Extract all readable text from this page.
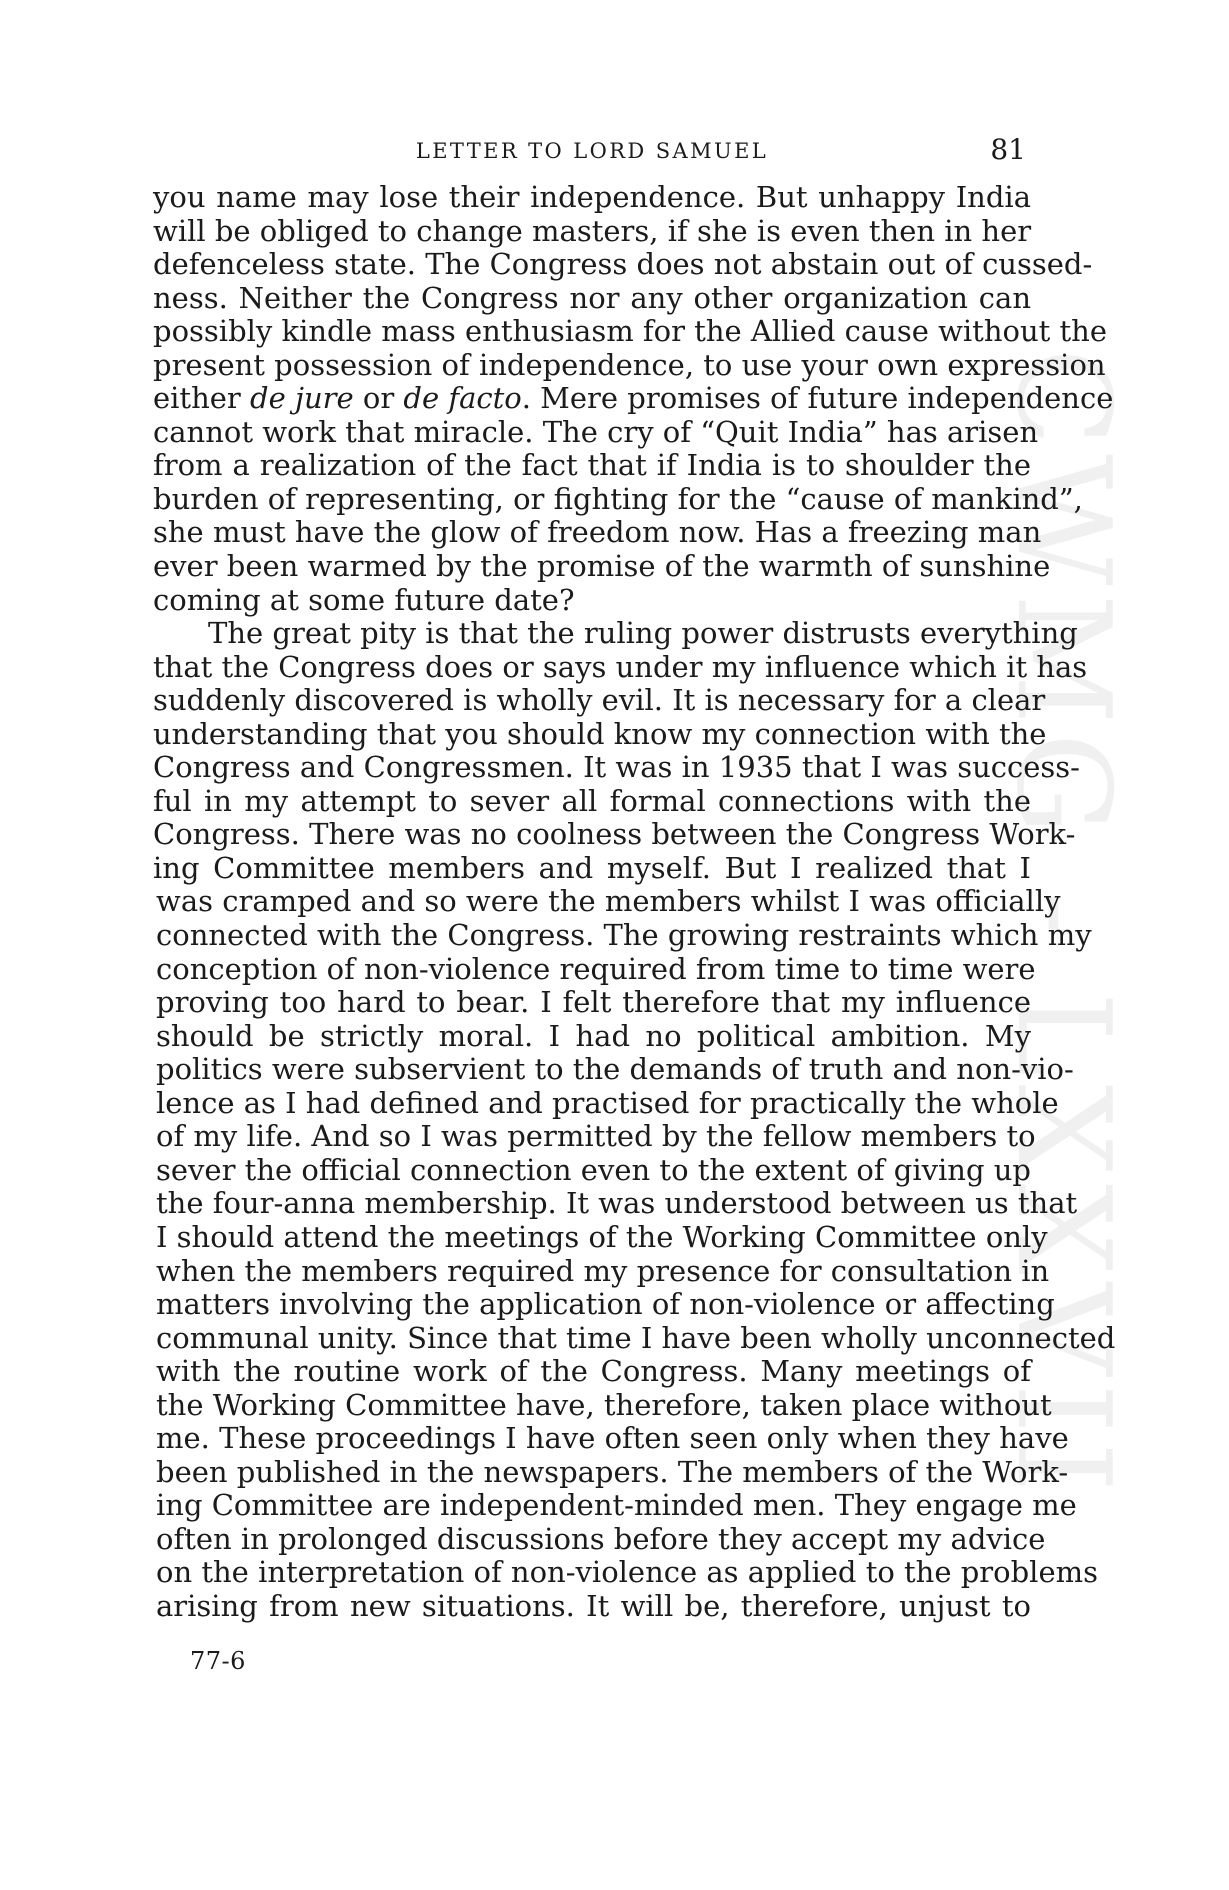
LETTER TO LORD SAMUEL	81
CWMG - LXXVII
you name may lose their independence. But unhappy India
will be obliged to change masters, if she is even then in her
defenceless state. The Congress does not abstain out of cussed-
ness. Neither the Congress nor any other organization can
possibly kindle mass enthusiasm for the Allied cause without the
present possession of independence, to use your own expression
either de jure or de facto. Mere promises of future independence
cannot work that miracle. The cry of “Quit India” has arisen
from a realization of the fact that if India is to shoulder the
burden of representing, or fighting for the “cause of mankind”,
she must have the glow of freedom now. Has a freezing man
ever been warmed by the promise of the warmth of sunshine
coming at some future date?
The great pity is that the ruling power distrusts everything
that the Congress does or says under my influence which it has
suddenly discovered is wholly evil. It is necessary for a clear
understanding that you should know my connection with the
Congress and Congressmen. It was in 1935 that I was success-
ful in my attempt to sever all formal connections with the
Congress. There was no coolness between the Congress Work-
ing Committee members and myself. But I realized that I
was cramped and so were the members whilst I was officially
connected with the Congress. The growing restraints which my
conception of non-violence required from time to time were
proving too hard to bear. I felt therefore that my influence
should be strictly moral. I had no political ambition. My
politics were subservient to the demands of truth and non-vio-
lence as I had defined and practised for practically the whole
of my life. And so I was permitted by the fellow members to
sever the official connection even to the extent of giving up
the four-anna membership. It was understood between us that
I should attend the meetings of the Working Committee only
when the members required my presence for consultation in
matters involving the application of non-violence or affecting
communal unity. Since that time I have been wholly unconnected
with the routine work of the Congress. Many meetings of
the Working Committee have, therefore, taken place without
me. These proceedings I have often seen only when they have
been published in the newspapers. The members of the Work-
ing Committee are independent-minded men. They engage me
often in prolonged discussions before they accept my advice
on the interpretation of non-violence as applied to the problems
arising from new situations. It will be, therefore, unjust to
77-6
